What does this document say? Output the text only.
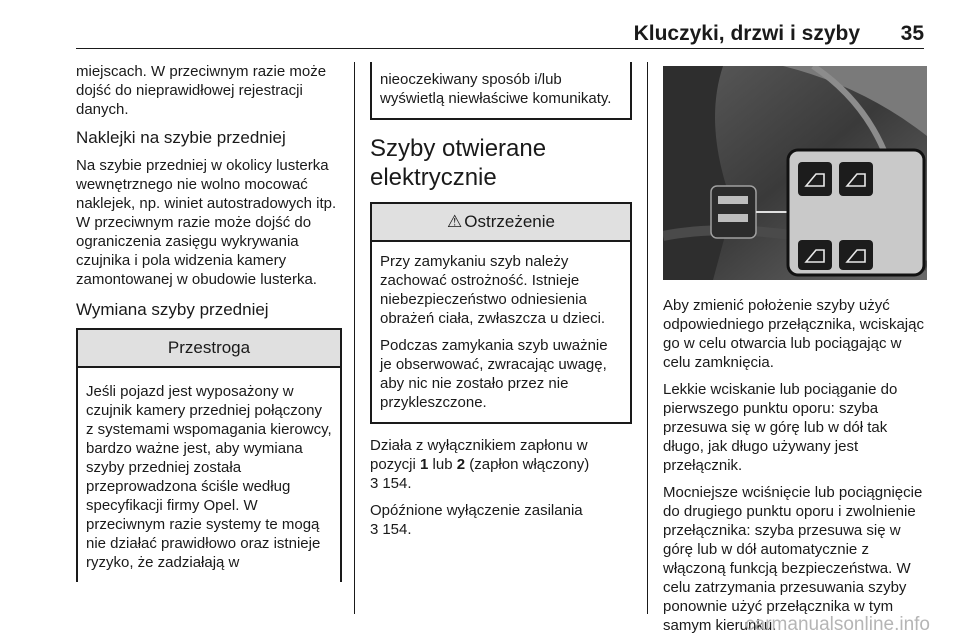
Kluczyki, drzwi i szyby 35

miejscach. W przeciwnym razie może dojść do nieprawidłowej rejestracji danych.

Naklejki na szybie przedniej

Na szybie przedniej w okolicy lusterka wewnętrznego nie wolno mocować naklejek, np. winiet autostradowych itp. W przeciwnym razie może dojść do ograniczenia zasięgu wykrywania czujnika i pola widzenia kamery zamontowanej w obudowie lusterka.

Wymiana szyby przedniej
Przestroga

Jeśli pojazd jest wyposażony w czujnik kamery przedniej połączony z systemami wspomagania kierowcy, bardzo ważne jest, aby wymiana szyby przedniej została przeprowadzona ściśle według specyfikacji firmy Opel. W przeciwnym razie systemy te mogą nie działać prawidłowo oraz istnieje ryzyko, że zadziałają w

nieoczekiwany sposób i/lub wyświetlą niewłaściwe komunikaty.

Szyby otwierane elektrycznie
⚠ Ostrzeżenie

Przy zamykaniu szyb należy zachować ostrożność. Istnieje niebezpieczeństwo odniesienia obrażeń ciała, zwłaszcza u dzieci.

Podczas zamykania szyb uważnie je obserwować, zwracając uwagę, aby nic nie zostało przez nie przykleszczone.

Działa z wyłącznikiem zapłonu w pozycji 1 lub 2 (zapłon włączony)
3 154.

Opóźnione wyłączenie zasilania
3 154.

Aby zmienić położenie szyby użyć odpowiedniego przełącznika, wciskając go w celu otwarcia lub pociągając w celu zamknięcia.

Lekkie wciskanie lub pociąganie do pierwszego punktu oporu: szyba przesuwa się w górę lub w dół tak długo, jak długo używany jest przełącznik.

Mocniejsze wciśnięcie lub pociągnięcie do drugiego punktu oporu i zwolnienie przełącznika: szyba przesuwa się w górę lub w dół automatycznie z włączoną funkcją bezpieczeństwa. W celu zatrzymania przesuwania szyby ponownie użyć przełącznika w tym samym kierunku.

carmanualsonline.info
